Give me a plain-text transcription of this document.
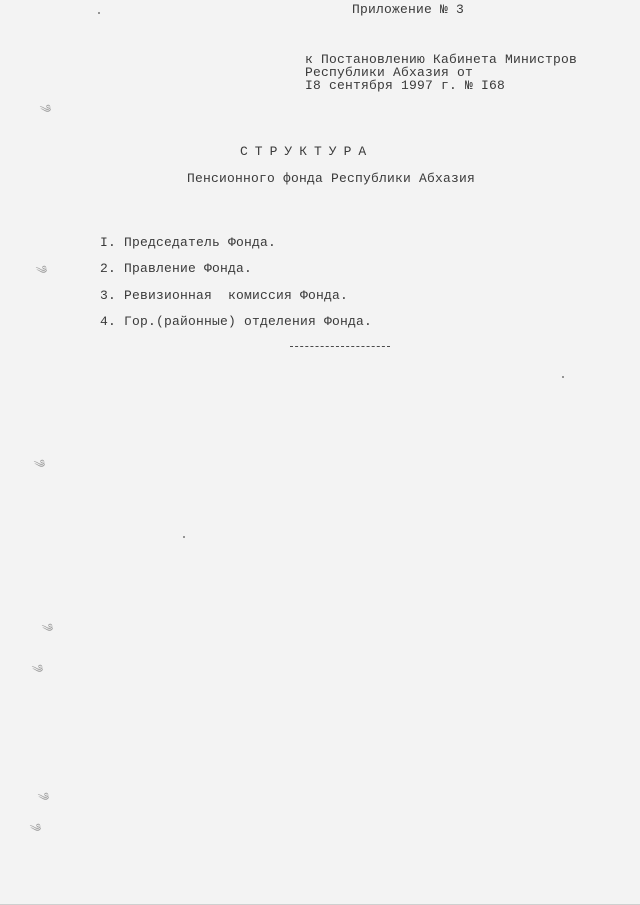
Приложение № 3
к Постановлению Кабинета Министров
Республики Абхазия от
I8 сентября 1997 г. № I68
СТРУКТУРА
Пенсионного фонда Республики Абхазия
I. Председатель Фонда.
2. Правление Фонда.
3. Ревизионная  комиссия Фонда.
4. Гор.(районные) отделения Фонда.
༄
༄
༄
༄
༄
༄
༄
